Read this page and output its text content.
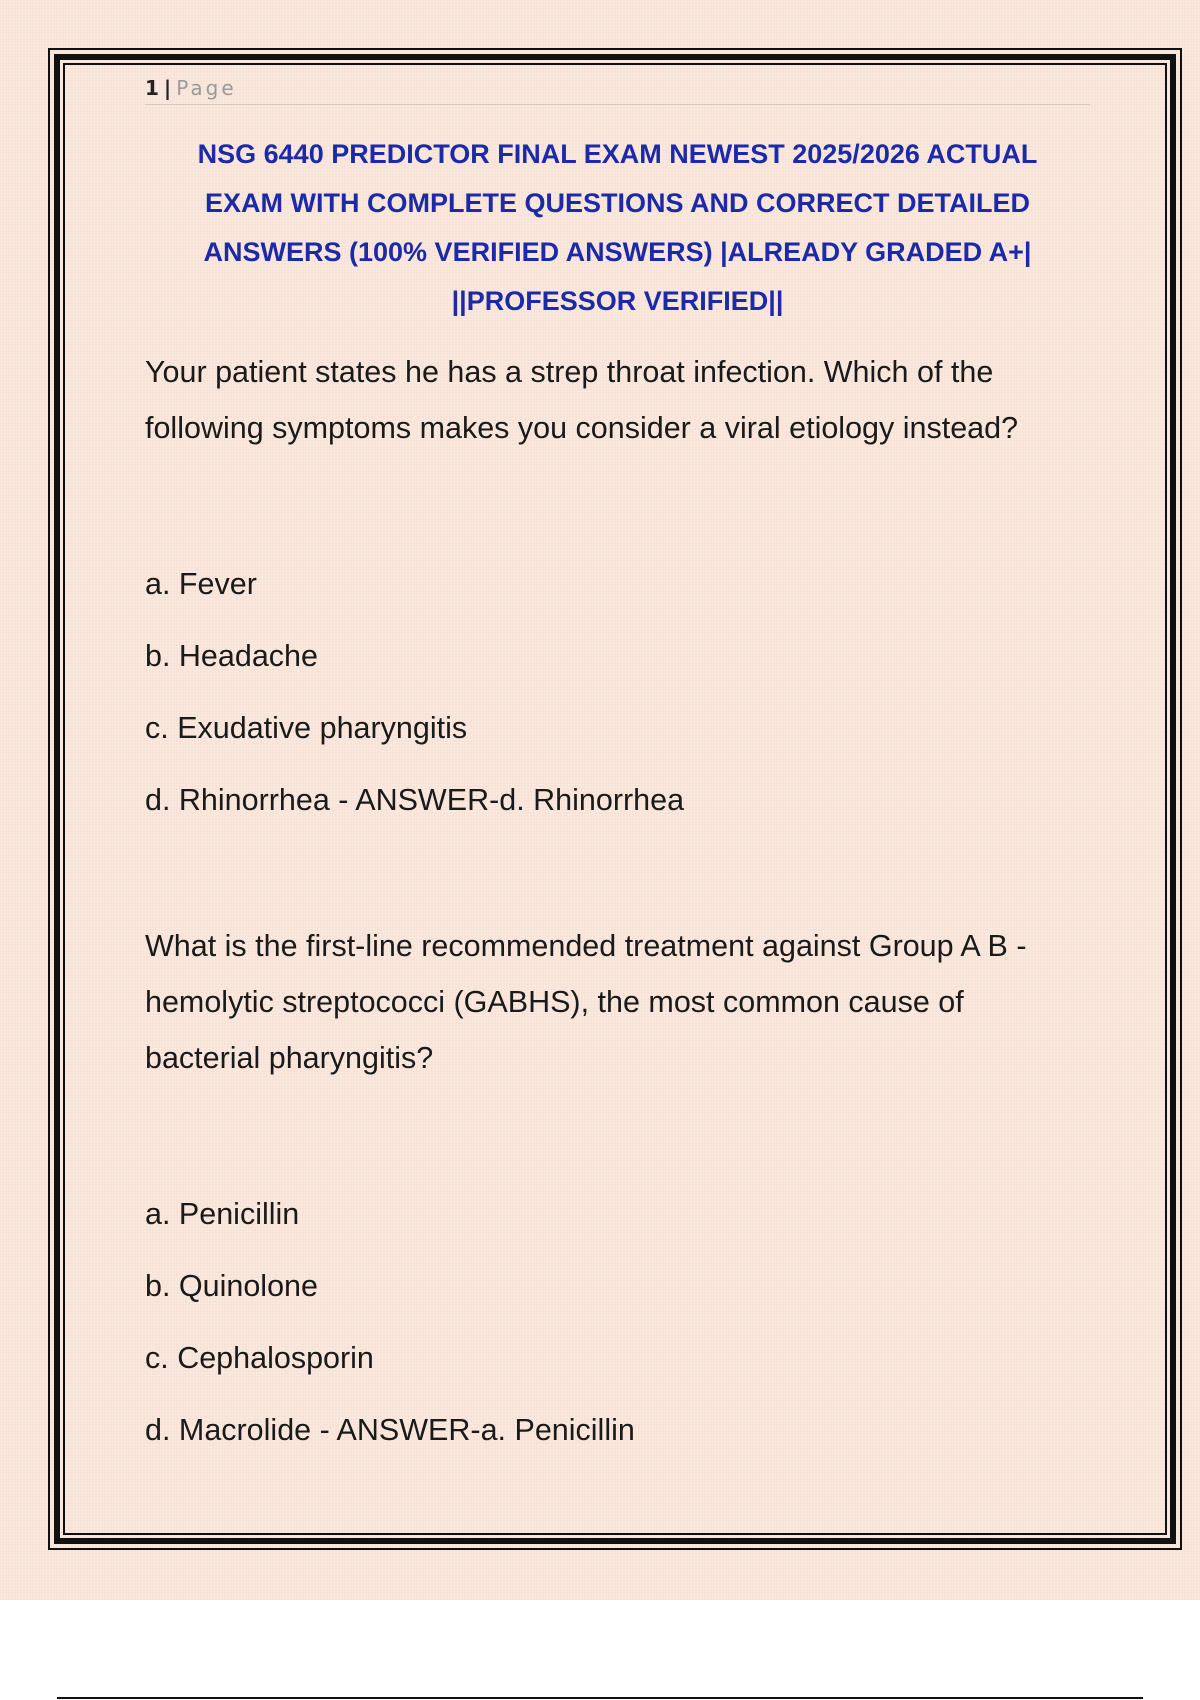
1 | Page
NSG 6440 PREDICTOR FINAL EXAM NEWEST 2025/2026 ACTUAL
EXAM WITH COMPLETE QUESTIONS AND CORRECT DETAILED
ANSWERS (100% VERIFIED ANSWERS) |ALREADY GRADED A+|
||PROFESSOR VERIFIED||
Your patient states he has a strep throat infection. Which of the
following symptoms makes you consider a viral etiology instead?
a. Fever
b. Headache
c. Exudative pharyngitis
d. Rhinorrhea - ANSWER-d. Rhinorrhea
What is the first-line recommended treatment against Group A B -
hemolytic streptococci (GABHS), the most common cause of
bacterial pharyngitis?
a. Penicillin
b. Quinolone
c. Cephalosporin
d. Macrolide - ANSWER-a. Penicillin
